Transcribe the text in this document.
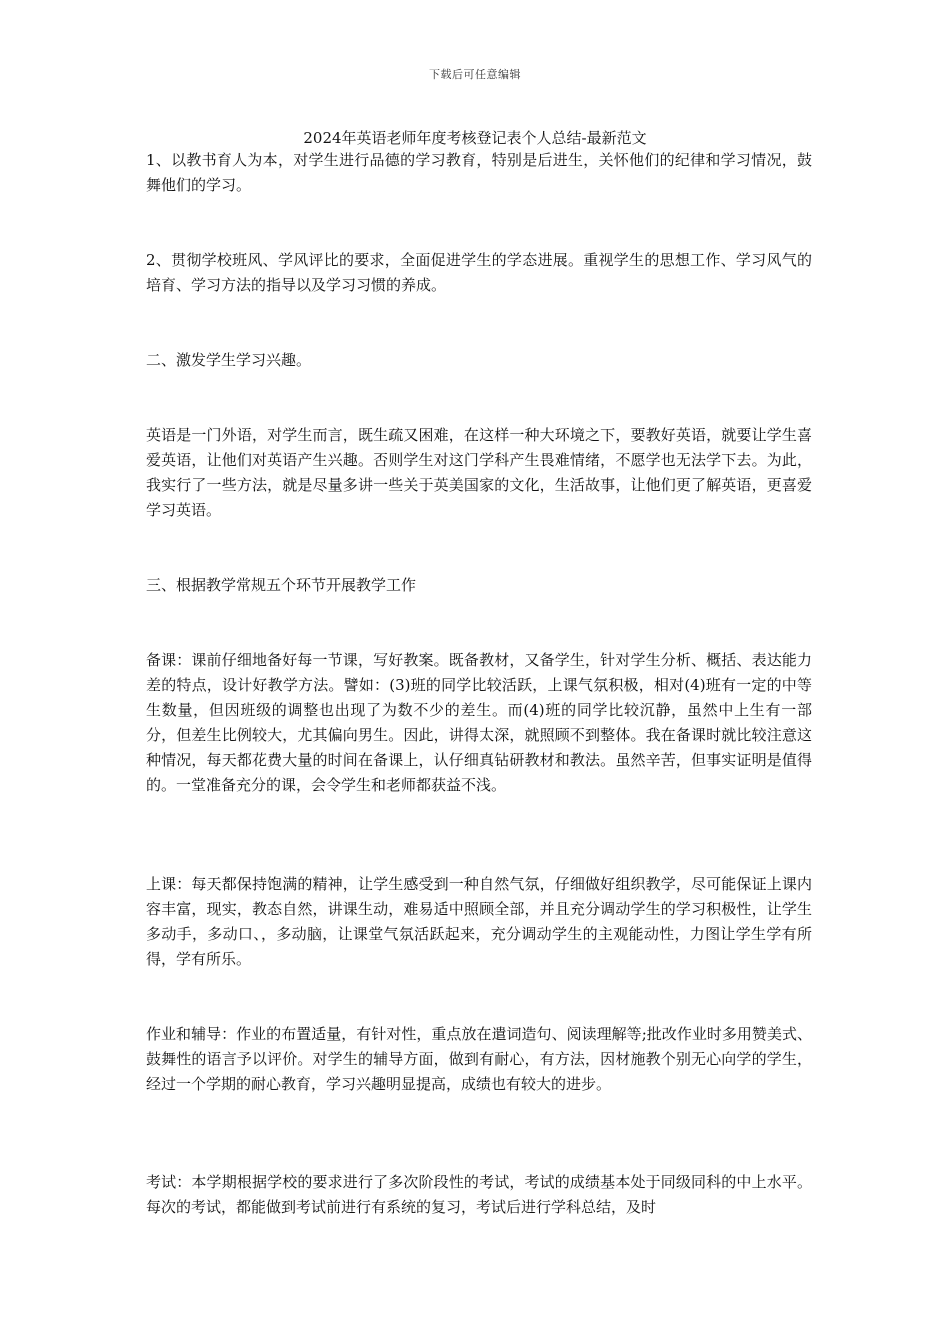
下载后可任意编辑
2024年英语老师年度考核登记表个人总结-最新范文

1、以教书育人为本，对学生进行品德的学习教育，特别是后进生，关怀他们的纪律和学习情况，鼓舞他们的学习。

2、贯彻学校班风、学风评比的要求，全面促进学生的学态进展。重视学生的思想工作、学习风气的培育、学习方法的指导以及学习习惯的养成。

二、激发学生学习兴趣。

英语是一门外语，对学生而言，既生疏又困难，在这样一种大环境之下，要教好英语，就要让学生喜爱英语，让他们对英语产生兴趣。否则学生对这门学科产生畏难情绪，不愿学也无法学下去。为此，我实行了一些方法，就是尽量多讲一些关于英美国家的文化，生活故事，让他们更了解英语，更喜爱学习英语。

三、根据教学常规五个环节开展教学工作

备课：课前仔细地备好每一节课，写好教案。既备教材，又备学生，针对学生分析、概括、表达能力差的特点，设计好教学方法。譬如：(3)班的同学比较活跃，上课气氛积极，相对(4)班有一定的中等生数量，但因班级的调整也出现了为数不少的差生。而(4)班的同学比较沉静，虽然中上生有一部分，但差生比例较大，尤其偏向男生。因此，讲得太深，就照顾不到整体。我在备课时就比较注意这种情况，每天都花费大量的时间在备课上，认仔细真钻研教材和教法。虽然辛苦，但事实证明是值得的。一堂准备充分的课，会令学生和老师都获益不浅。

上课：每天都保持饱满的精神，让学生感受到一种自然气氛，仔细做好组织教学，尽可能保证上课内容丰富，现实，教态自然，讲课生动，难易适中照顾全部，并且充分调动学生的学习积极性，让学生多动手，多动口、，多动脑，让课堂气氛活跃起来，充分调动学生的主观能动性，力图让学生学有所得，学有所乐。

作业和辅导：作业的布置适量，有针对性，重点放在遣词造句、阅读理解等;批改作业时多用赞美式、鼓舞性的语言予以评价。对学生的辅导方面，做到有耐心，有方法，因材施教个别无心向学的学生，经过一个学期的耐心教育，学习兴趣明显提高，成绩也有较大的进步。

考试：本学期根据学校的要求进行了多次阶段性的考试，考试的成绩基本处于同级同科的中上水平。每次的考试，都能做到考试前进行有系统的复习，考试后进行学科总结，及时
